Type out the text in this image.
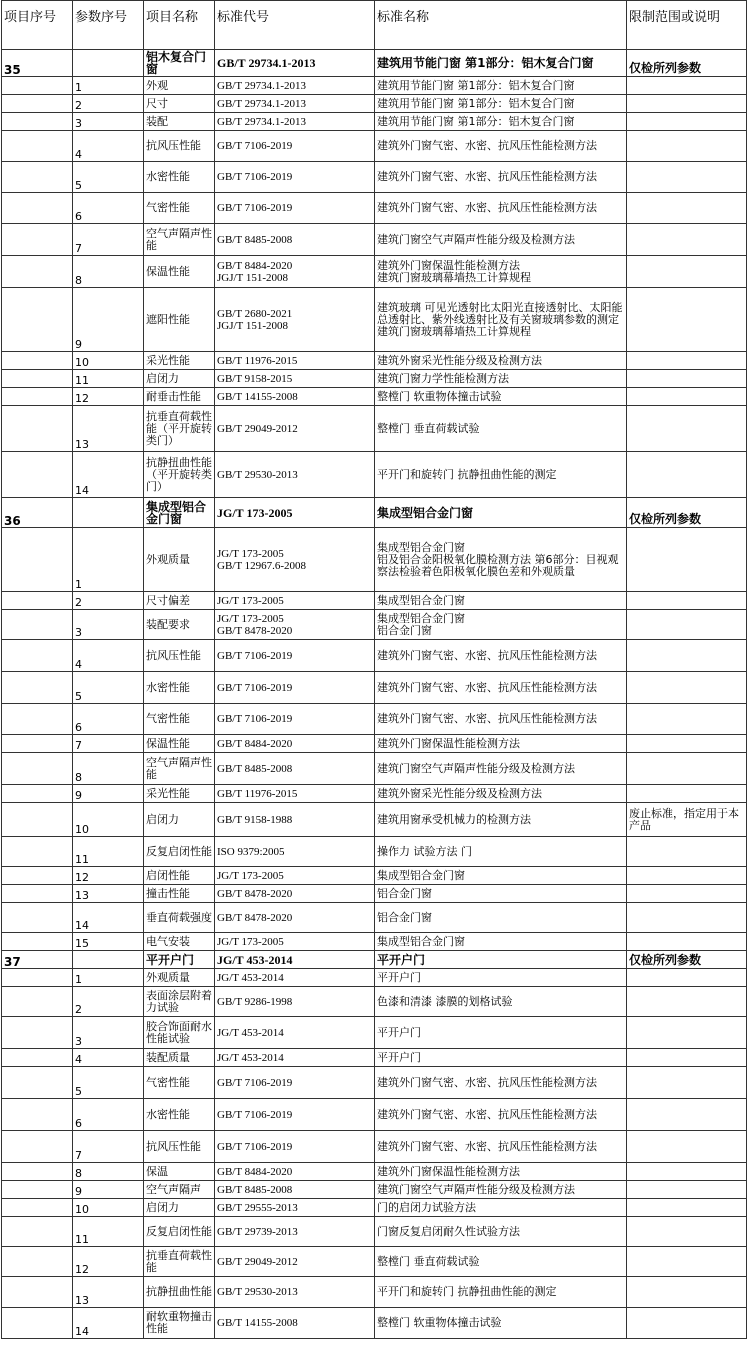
项目序号	参数序号	项目名称	标准代号	标准名称	限制范围或说明
35		铝木复合门窗	GB/T 29734.1-2013	建筑用节能门窗 第1部分：铝木复合门窗	仅检所列参数
	1	外观	GB/T 29734.1-2013	建筑用节能门窗 第1部分：铝木复合门窗	
	2	尺寸	GB/T 29734.1-2013	建筑用节能门窗 第1部分：铝木复合门窗	
	3	装配	GB/T 29734.1-2013	建筑用节能门窗 第1部分：铝木复合门窗	
	4	抗风压性能	GB/T 7106-2019	建筑外门窗气密、水密、抗风压性能检测方法	
	5	水密性能	GB/T 7106-2019	建筑外门窗气密、水密、抗风压性能检测方法	
	6	气密性能	GB/T 7106-2019	建筑外门窗气密、水密、抗风压性能检测方法	
	7	空气声隔声性能	GB/T 8485-2008	建筑门窗空气声隔声性能分级及检测方法	
	8	保温性能	GB/T 8484-2020
JGJ/T 151-2008	建筑外门窗保温性能检测方法
建筑门窗玻璃幕墙热工计算规程	
	9	遮阳性能	GB/T 2680-2021
JGJ/T 151-2008	建筑玻璃 可见光透射比太阳光直接透射比、太阳能总透射比、紫外线透射比及有关窗玻璃参数的测定
建筑门窗玻璃幕墙热工计算规程	
	10	采光性能	GB/T 11976-2015	建筑外窗采光性能分级及检测方法	
	11	启闭力	GB/T 9158-2015	建筑门窗力学性能检测方法	
	12	耐垂击性能	GB/T 14155-2008	整樘门 软重物体撞击试验	
	13	抗垂直荷载性能（平开旋转类门）	GB/T 29049-2012	整樘门 垂直荷载试验	
	14	抗静扭曲性能（平开旋转类门）	GB/T 29530-2013	平开门和旋转门 抗静扭曲性能的测定	
36		集成型铝合金门窗	JG/T 173-2005	集成型铝合金门窗	仅检所列参数
	1	外观质量	JG/T 173-2005
GB/T 12967.6-2008	集成型铝合金门窗
铝及铝合金阳极氧化膜检测方法 第6部分：目视观察法检验着色阳极氧化膜色差和外观质量	
	2	尺寸偏差	JG/T 173-2005	集成型铝合金门窗	
	3	装配要求	JG/T 173-2005
GB/T 8478-2020	集成型铝合金门窗
铝合金门窗	
	4	抗风压性能	GB/T 7106-2019	建筑外门窗气密、水密、抗风压性能检测方法	
	5	水密性能	GB/T 7106-2019	建筑外门窗气密、水密、抗风压性能检测方法	
	6	气密性能	GB/T 7106-2019	建筑外门窗气密、水密、抗风压性能检测方法	
	7	保温性能	GB/T 8484-2020	建筑外门窗保温性能检测方法	
	8	空气声隔声性能	GB/T 8485-2008	建筑门窗空气声隔声性能分级及检测方法	
	9	采光性能	GB/T 11976-2015	建筑外窗采光性能分级及检测方法	
	10	启闭力	GB/T 9158-1988	建筑用窗承受机械力的检测方法	废止标准，指定用于本产品
	11	反复启闭性能	ISO 9379:2005	操作力 试验方法 门	
	12	启闭性能	JG/T 173-2005	集成型铝合金门窗	
	13	撞击性能	GB/T 8478-2020	铝合金门窗	
	14	垂直荷载强度	GB/T 8478-2020	铝合金门窗	
	15	电气安装	JG/T 173-2005	集成型铝合金门窗	
37		平开户门	JG/T 453-2014	平开户门	仅检所列参数
	1	外观质量	JG/T 453-2014	平开户门	
	2	表面涂层附着力试验	GB/T 9286-1998	色漆和清漆 漆膜的划格试验	
	3	胶合饰面耐水性能试验	JG/T 453-2014	平开户门	
	4	装配质量	JG/T 453-2014	平开户门	
	5	气密性能	GB/T 7106-2019	建筑外门窗气密、水密、抗风压性能检测方法	
	6	水密性能	GB/T 7106-2019	建筑外门窗气密、水密、抗风压性能检测方法	
	7	抗风压性能	GB/T 7106-2019	建筑外门窗气密、水密、抗风压性能检测方法	
	8	保温	GB/T 8484-2020	建筑外门窗保温性能检测方法	
	9	空气声隔声	GB/T 8485-2008	建筑门窗空气声隔声性能分级及检测方法	
	10	启闭力	GB/T 29555-2013	门的启闭力试验方法	
	11	反复启闭性能	GB/T 29739-2013	门窗反复启闭耐久性试验方法	
	12	抗垂直荷载性能	GB/T 29049-2012	整樘门 垂直荷载试验	
	13	抗静扭曲性能	GB/T 29530-2013	平开门和旋转门 抗静扭曲性能的测定	
	14	耐软重物撞击性能	GB/T 14155-2008	整樘门 软重物体撞击试验	
